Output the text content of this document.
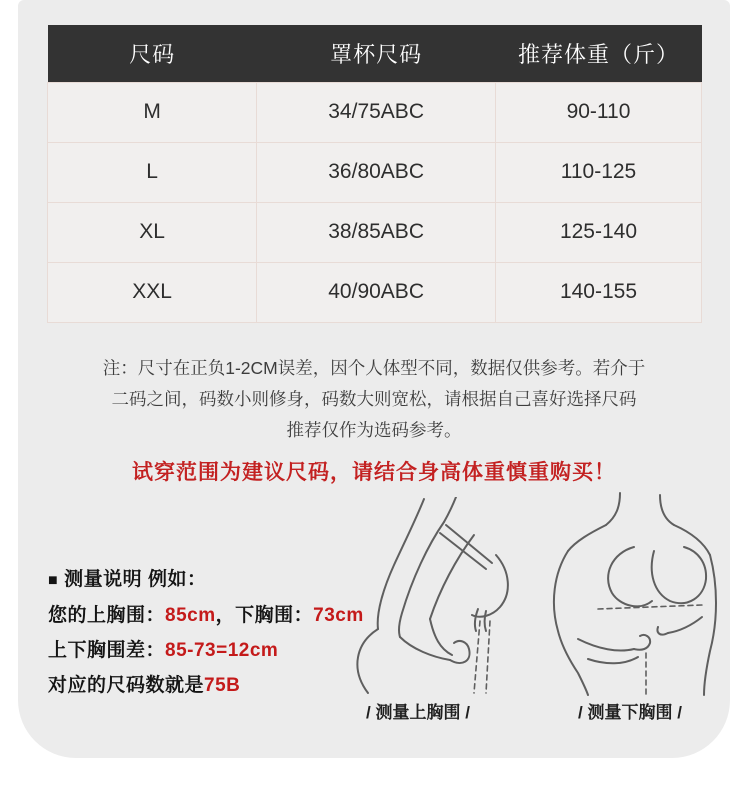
尺码	罩杯尺码	推荐体重（斤）
M	34/75ABC	90-110
L	36/80ABC	110-125
XL	38/85ABC	125-140
XXL	40/90ABC	140-155
注：尺寸在正负1-2CM误差，因个人体型不同，数据仅供参考。若介于
二码之间，码数小则修身，码数大则宽松，请根据自己喜好选择尺码
推荐仅作为选码参考。
试穿范围为建议尺码，请结合身高体重慎重购买！
■ 测量说明 例如：
您的上胸围：85cm，下胸围：73cm
上下胸围差：85-73=12cm
对应的尺码数就是75B
/ 测量上胸围 /	/ 测量下胸围 /
